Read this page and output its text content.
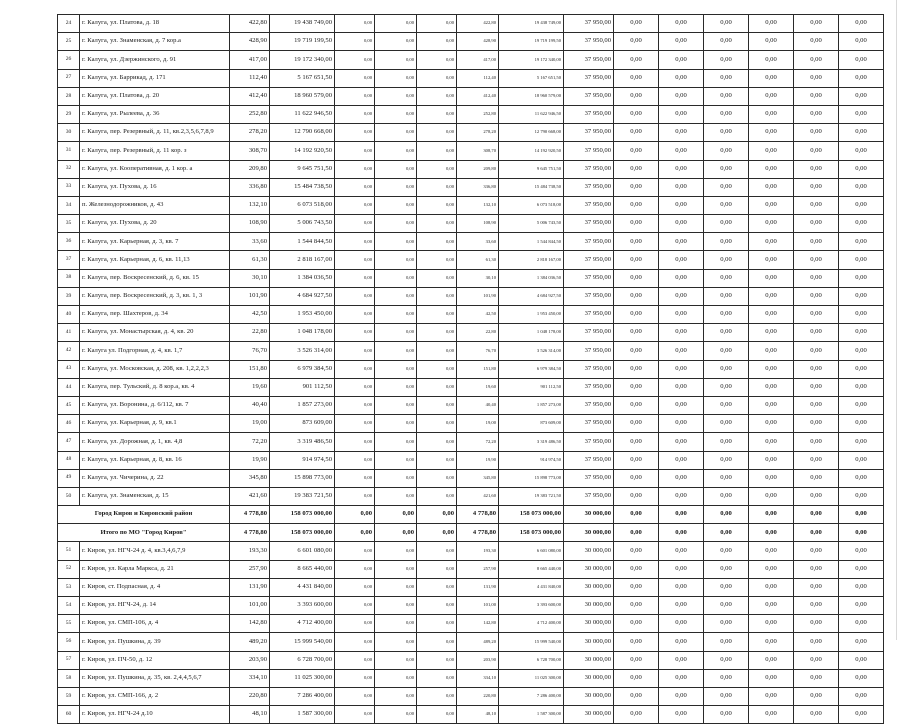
24	г. Калуга, ул. Платова, д. 18	422,80	19 438 749,00	0,00	0,00	0,00	422,80	19 438 749,00	37 950,00	0,00	0,00	0,00	0,00	0,00	0,00
25	г. Калуга, ул. Знаменская, д. 7 кор.а	428,90	19 719 199,50	0,00	0,00	0,00	428,90	19 719 199,50	37 950,00	0,00	0,00	0,00	0,00	0,00	0,00
26	г. Калуга, ул. Дзержинского, д. 91	417,00	19 172 340,00	0,00	0,00	0,00	417,00	19 172 340,00	37 950,00	0,00	0,00	0,00	0,00	0,00	0,00
27	г. Калуга, ул. Баррикад, д. 171	112,40	5 167 651,50	0,00	0,00	0,00	112,40	5 167 651,50	37 950,00	0,00	0,00	0,00	0,00	0,00	0,00
28	г. Калуга, ул. Платова, д. 20	412,40	18 960 579,00	0,00	0,00	0,00	412,40	18 960 579,00	37 950,00	0,00	0,00	0,00	0,00	0,00	0,00
29	г. Калуга, ул. Рылеева, д. 36	252,80	11 622 946,50	0,00	0,00	0,00	252,80	11 622 946,50	37 950,00	0,00	0,00	0,00	0,00	0,00	0,00
30	г. Калуга, пер. Резервный, д. 11, кв.2,3,5,6,7,8,9	278,20	12 790 668,00	0,00	0,00	0,00	278,20	12 790 668,00	37 950,00	0,00	0,00	0,00	0,00	0,00	0,00
31	г. Калуга, пер. Резервный, д. 11 кор. з	308,70	14 192 920,50	0,00	0,00	0,00	308,70	14 192 920,50	37 950,00	0,00	0,00	0,00	0,00	0,00	0,00
32	г. Калуга, ул. Кооперативная, д. 1 кор. а	209,80	9 645 751,50	0,00	0,00	0,00	209,80	9 645 751,50	37 950,00	0,00	0,00	0,00	0,00	0,00	0,00
33	г. Калуга, ул. Пухова, д. 16	336,80	15 484 738,50	0,00	0,00	0,00	336,80	15 484 738,50	37 950,00	0,00	0,00	0,00	0,00	0,00	0,00
34	п. Железнодорожников, д. 43	132,10	6 073 518,00	0,00	0,00	0,00	132,10	6 073 518,00	37 950,00	0,00	0,00	0,00	0,00	0,00	0,00
35	г. Калуга, ул. Пухова, д. 20	108,90	5 006 743,50	0,00	0,00	0,00	108,90	5 006 743,50	37 950,00	0,00	0,00	0,00	0,00	0,00	0,00
36	г. Калуга, ул. Карьерная, д. 3, кв. 7	33,60	1 544 844,50	0,00	0,00	0,00	33,60	1 544 844,50	37 950,00	0,00	0,00	0,00	0,00	0,00	0,00
37	г. Калуга, ул. Карьерная, д. 6, кв. 11,13	61,30	2 818 167,00	0,00	0,00	0,00	61,30	2 818 167,00	37 950,00	0,00	0,00	0,00	0,00	0,00	0,00
38	г. Калуга, пер. Воскресенский, д. 6, кв. 15	30,10	1 384 036,50	0,00	0,00	0,00	30,10	1 384 036,50	37 950,00	0,00	0,00	0,00	0,00	0,00	0,00
39	г. Калуга, пер. Воскресенский, д. 3, кв. 1, 3	101,90	4 684 927,50	0,00	0,00	0,00	101,90	4 684 927,50	37 950,00	0,00	0,00	0,00	0,00	0,00	0,00
40	г. Калуга, пер. Шахтеров, д. 34	42,50	1 953 450,00	0,00	0,00	0,00	42,50	1 953 450,00	37 950,00	0,00	0,00	0,00	0,00	0,00	0,00
41	г. Калуга, ул. Монастырская, д. 4, кв. 20	22,80	1 048 178,00	0,00	0,00	0,00	22,80	1 048 178,00	37 950,00	0,00	0,00	0,00	0,00	0,00	0,00
42	г. Калуга ул. Подгорная, д. 4, кв. 1,7	76,70	3 526 314,00	0,00	0,00	0,00	76,70	3 526 314,00	37 950,00	0,00	0,00	0,00	0,00	0,00	0,00
43	г. Калуга, ул. Московская, д. 208, кв. 1,2,2,2,3	151,80	6 979 384,50	0,00	0,00	0,00	151,80	6 979 384,50	37 950,00	0,00	0,00	0,00	0,00	0,00	0,00
44	г. Калуга, пер. Тульский, д. 8 кор.а, кв. 4	19,60	901 112,50	0,00	0,00	0,00	19,60	901 112,50	37 950,00	0,00	0,00	0,00	0,00	0,00	0,00
45	г. Калуга, ул. Воронина, д. 6/112, кв. 7	40,40	1 857 273,00	0,00	0,00	0,00	40,40	1 857 273,00	37 950,00	0,00	0,00	0,00	0,00	0,00	0,00
46	г. Калуга, ул. Карьерная, д. 9, кв.1	19,00	873 609,00	0,00	0,00	0,00	19,00	873 609,00	37 950,00	0,00	0,00	0,00	0,00	0,00	0,00
47	г. Калуга, ул. Дорожная, д. 1, кв. 4,8	72,20	3 319 486,50	0,00	0,00	0,00	72,20	3 319 486,50	37 950,00	0,00	0,00	0,00	0,00	0,00	0,00
48	г. Калуга, ул. Карьерная, д. 8, кв. 16	19,90	914 974,50	0,00	0,00	0,00	19,90	914 974,50	37 950,00	0,00	0,00	0,00	0,00	0,00	0,00
49	г. Калуга, ул. Чичерина, д. 22	345,80	15 898 773,00	0,00	0,00	0,00	345,80	15 898 773,00	37 950,00	0,00	0,00	0,00	0,00	0,00	0,00
50	г. Калуга, ул. Знаменская, д. 15	421,60	19 383 721,50	0,00	0,00	0,00	421,60	19 383 721,50	37 950,00	0,00	0,00	0,00	0,00	0,00	0,00
Город Киров и Кировский район		4 778,80	158 073 000,00	0,00	0,00	0,00	4 778,80	158 073 000,00	30 000,00	0,00	0,00	0,00	0,00	0,00	0,00
Итого по МО "Город Киров"		4 778,80	158 073 000,00	0,00	0,00	0,00	4 778,80	158 073 000,00	30 000,00	0,00	0,00	0,00	0,00	0,00	0,00
51	г. Киров, ул. НГЧ-24 д. 4, кв.3,4,6,7,9	193,30	6 601 080,00	0,00	0,00	0,00	193,30	6 601 080,00	30 000,00	0,00	0,00	0,00	0,00	0,00	0,00
52	г. Киров, ул. Карла Маркса, д. 21	257,90	8 665 440,00	0,00	0,00	0,00	257,90	8 665 440,00	30 000,00	0,00	0,00	0,00	0,00	0,00	0,00
53	г. Киров, ст. Подпасная, д. 4	131,90	4 431 840,00	0,00	0,00	0,00	131,90	4 431 840,00	30 000,00	0,00	0,00	0,00	0,00	0,00	0,00
54	г. Киров, ул. НГЧ-24, д. 14	101,00	3 393 600,00	0,00	0,00	0,00	101,00	3 393 600,00	30 000,00	0,00	0,00	0,00	0,00	0,00	0,00
55	г. Киров, ул. СМП-106, д. 4	142,80	4 712 400,00	0,00	0,00	0,00	142,80	4 712 400,00	30 000,00	0,00	0,00	0,00	0,00	0,00	0,00
56	г. Киров, ул. Пушкина, д. 39	489,20	15 999 540,00	0,00	0,00	0,00	489,20	15 999 540,00	30 000,00	0,00	0,00	0,00	0,00	0,00	0,00
57	г. Киров, ул. ПЧ-50, д. 12	203,90	6 728 700,00	0,00	0,00	0,00	203,90	6 728 700,00	30 000,00	0,00	0,00	0,00	0,00	0,00	0,00
58	г. Киров, ул. Пушкина, д. 35, кв. 2,4,4,5,6,7	334,10	11 025 300,00	0,00	0,00	0,00	334,10	11 025 300,00	30 000,00	0,00	0,00	0,00	0,00	0,00	0,00
59	г. Киров, ул. СМП-166, д. 2	220,80	7 286 400,00	0,00	0,00	0,00	220,80	7 286 400,00	30 000,00	0,00	0,00	0,00	0,00	0,00	0,00
60	г. Киров, ул. НГЧ-24 д.10	48,10	1 587 300,00	0,00	0,00	0,00	48,10	1 587 300,00	30 000,00	0,00	0,00	0,00	0,00	0,00	0,00
